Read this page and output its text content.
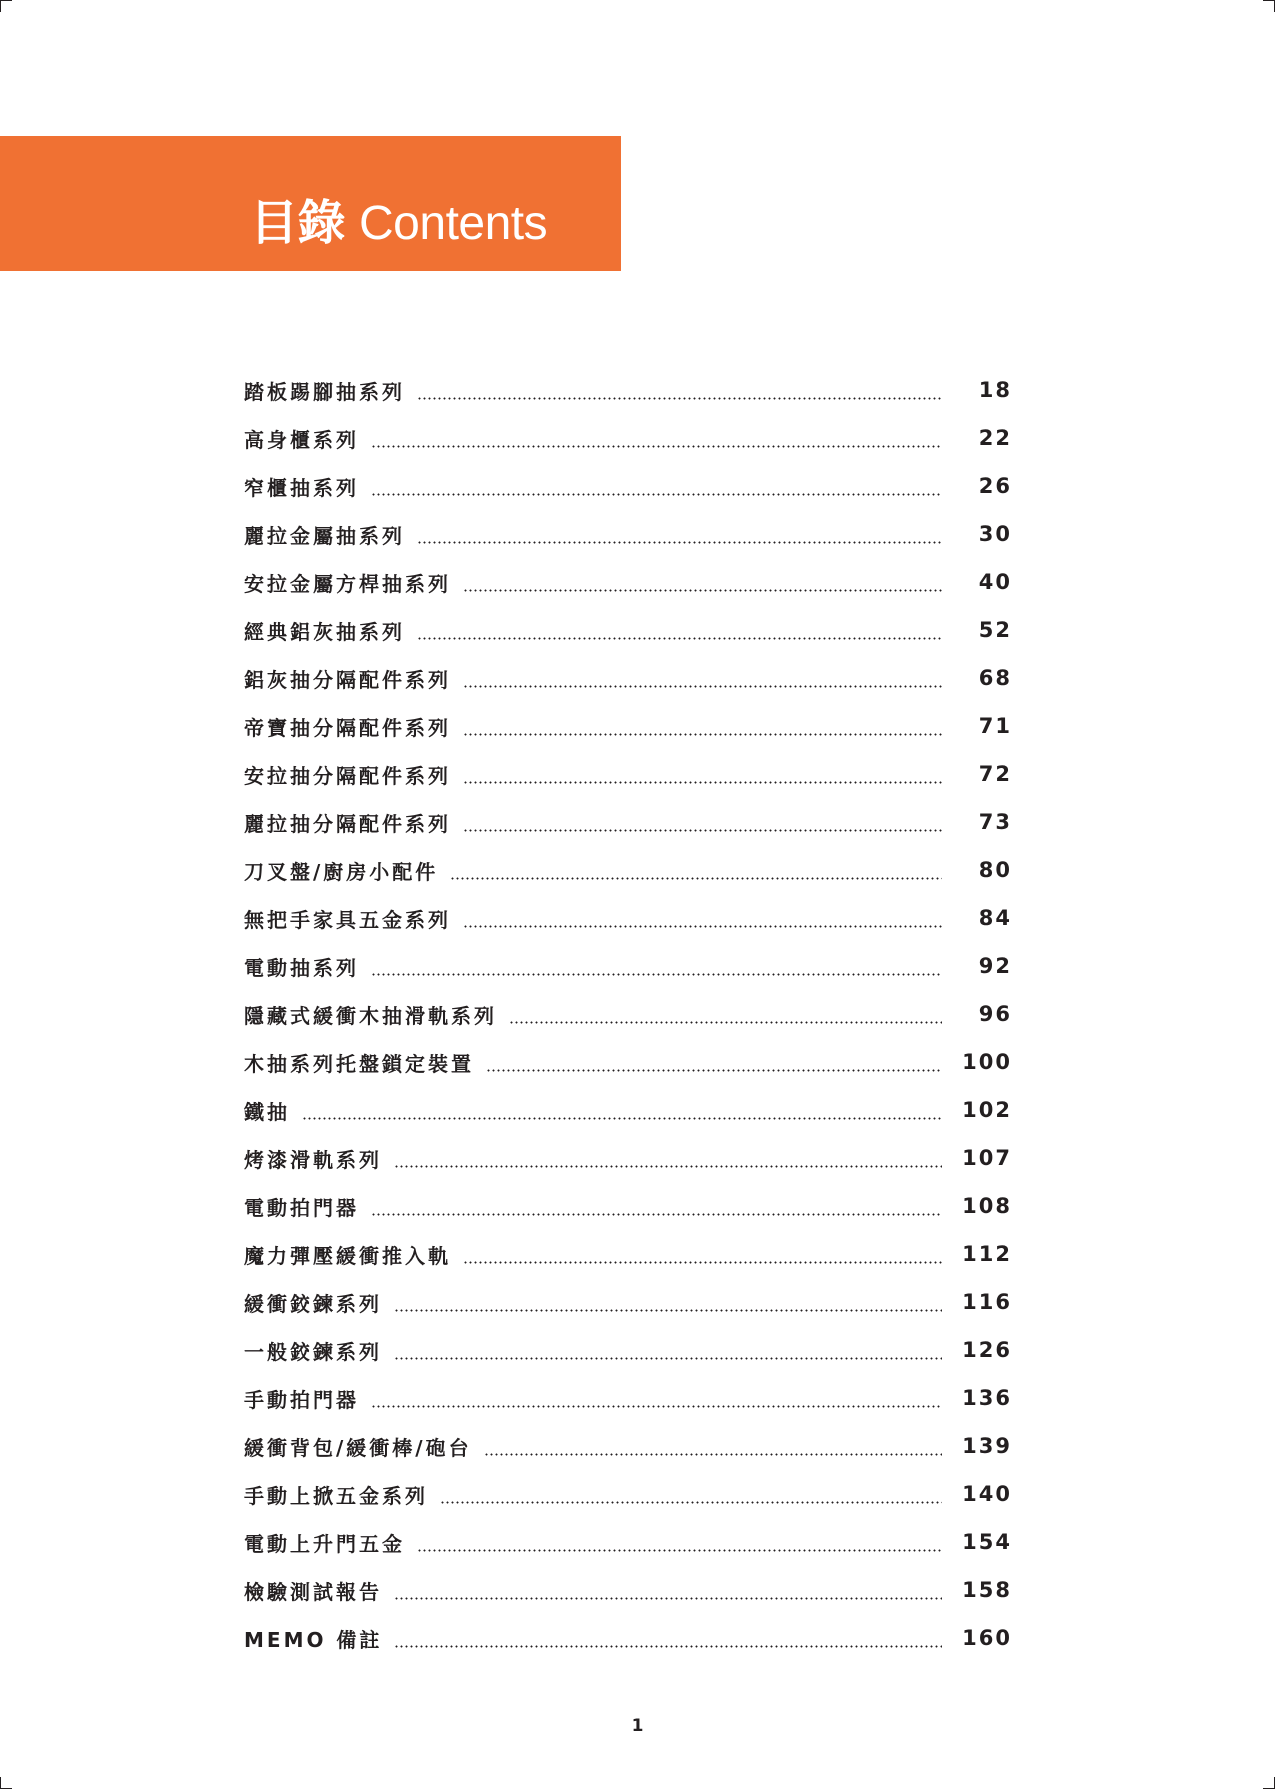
目錄 Contents
踏板踢腳抽系列	18
高身櫃系列	22
窄櫃抽系列	26
麗拉金屬抽系列	30
安拉金屬方桿抽系列	40
經典鋁灰抽系列	52
鋁灰抽分隔配件系列	68
帝寶抽分隔配件系列	71
安拉抽分隔配件系列	72
麗拉抽分隔配件系列	73
刀叉盤/廚房小配件	80
無把手家具五金系列	84
電動抽系列	92
隱藏式緩衝木抽滑軌系列	96
木抽系列托盤鎖定裝置	100
鐵抽	102
烤漆滑軌系列	107
電動拍門器	108
魔力彈壓緩衝推入軌	112
緩衝鉸鍊系列	116
一般鉸鍊系列	126
手動拍門器	136
緩衝背包/緩衝棒/砲台	139
手動上掀五金系列	140
電動上升門五金	154
檢驗測試報告	158
MEMO 備註	160
1
